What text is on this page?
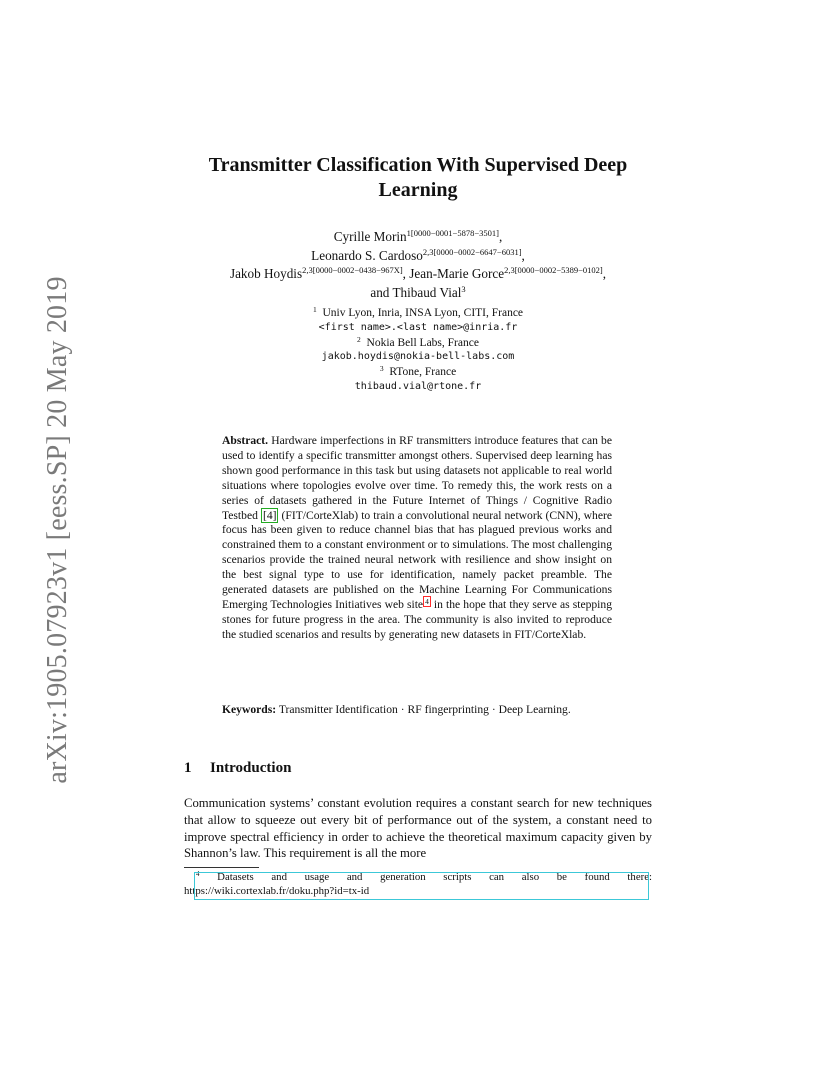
arXiv:1905.07923v1 [eess.SP] 20 May 2019
Transmitter Classification With Supervised Deep
Learning
Cyrille Morin$^{1[0000-0001-5878-3501]}$,
Leonardo S. Cardoso$^{2,3[0000-0002-6647-6031]}$,
Jakob Hoydis$^{2,3[0000-0002-0438-967X]}$, Jean-Marie Gorce$^{2,3[0000-0002-5389-0102]}$,
and Thibaud Vial$^3$
$^1$ Univ Lyon, Inria, INSA Lyon, CITI, France
<first name>.<last name>@inria.fr
$^2$ Nokia Bell Labs, France
jakob.hoydis@nokia-bell-labs.com
$^3$ RTone, France
thibaud.vial@rtone.fr
Abstract. Hardware imperfections in RF transmitters introduce features that can be used to identify a specific transmitter amongst others. Supervised deep learning has shown good performance in this task but using datasets not applicable to real world situations where topologies evolve over time. To remedy this, the work rests on a series of datasets gathered in the Future Internet of Things / Cognitive Radio Testbed [4] (FIT/CorteXlab) to train a convolutional neural network (CNN), where focus has been given to reduce channel bias that has plagued previous works and constrained them to a constant environment or to simulations. The most challenging scenarios provide the trained neural network with resilience and show insight on the best signal type to use for identification, namely packet preamble. The generated datasets are published on the Machine Learning For Communications Emerging Technologies Initiatives web site $^4$ in the hope that they serve as stepping stones for future progress in the area. The community is also invited to reproduce the studied scenarios and results by generating new datasets in FIT/CorteXlab.
Keywords: Transmitter Identification · RF fingerprinting · Deep Learning.
1 Introduction
Communication systems’ constant evolution requires a constant search for new techniques that allow to squeeze out every bit of performance out of the system, a constant need to improve spectral efficiency in order to achieve the theoretical maximum capacity given by Shannon’s law. This requirement is all the more
$^4$ Datasets and usage and generation scripts can also be found there:
https://wiki.cortexlab.fr/doku.php?id=tx-id
